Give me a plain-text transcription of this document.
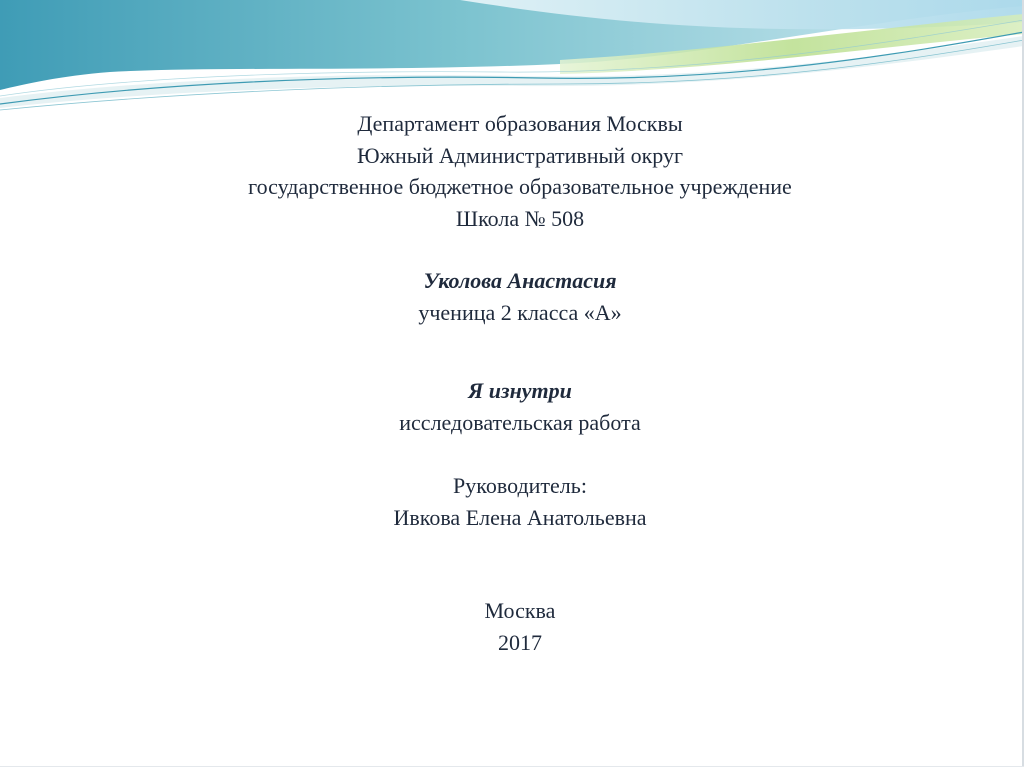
Департамент образования Москвы
Южный Административный округ
государственное бюджетное образовательное учреждение
Школа № 508
Уколова Анастасия
ученица 2 класса «А»
Я изнутри
исследовательская работа
Руководитель:
Ивкова Елена Анатольевна
Москва
2017
